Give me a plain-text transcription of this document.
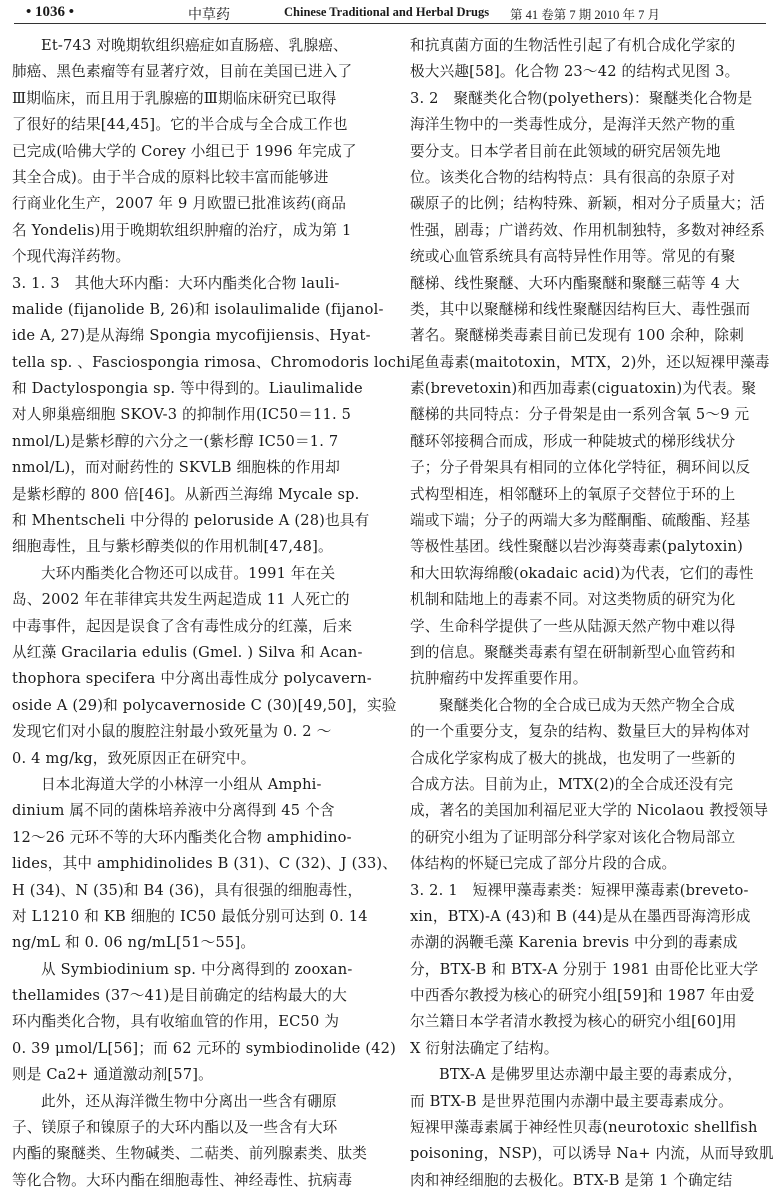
• 1036 •	中草药	Chinese Traditional and Herbal Drugs 第 41 卷第 7 期 2010 年 7 月
Et-743 对晚期软组织癌症如直肠癌、乳腺癌、
肺癌、黑色素瘤等有显著疗效，目前在美国已进入了
Ⅲ期临床，而且用于乳腺癌的Ⅲ期临床研究已取得
了很好的结果[44,45]。它的半合成与全合成工作也
已完成(哈佛大学的 Corey 小组已于 1996 年完成了
其全合成)。由于半合成的原料比较丰富而能够进
行商业化生产，2007 年 9 月欧盟已批准该药(商品
名 Yondelis)用于晚期软组织肿瘤的治疗，成为第 1
个现代海洋药物。
3. 1. 3　其他大环内酯：大环内酯类化合物 lauli-
malide (fijanolide B, 26)和 isolaulimalide (fijanol-
ide A, 27)是从海绵 Spongia mycofijiensis、Hyat-
tella sp. 、Fasciospongia rimosa、Chromodoris lochi
和 Dactylospongia sp. 等中得到的。Liaulimalide
对人卵巢癌细胞 SKOV-3 的抑制作用(IC50＝11. 5
nmol/L)是紫杉醇的六分之一(紫杉醇 IC50＝1. 7
nmol/L)，而对耐药性的 SKVLB 细胞株的作用却
是紫杉醇的 800 倍[46]。从新西兰海绵 Mycale sp.
和 Mhentscheli 中分得的 peloruside A (28)也具有
细胞毒性，且与紫杉醇类似的作用机制[47,48]。
大环内酯类化合物还可以成苷。1991 年在关
岛、2002 年在菲律宾共发生两起造成 11 人死亡的
中毒事件，起因是误食了含有毒性成分的红藻，后来
从红藻 Gracilaria edulis (Gmel. ) Silva 和 Acan-
thophora specifera 中分离出毒性成分 polycavern-
oside A (29)和 polycavernoside C (30)[49,50]，实验
发现它们对小鼠的腹腔注射最小致死量为 0. 2 ～
0. 4 mg/kg，致死原因正在研究中。
日本北海道大学的小林淳一小组从 Amphi-
dinium 属不同的菌株培养液中分离得到 45 个含
12～26 元环不等的大环内酯类化合物 amphidino-
lides，其中 amphidinolides B (31)、C (32)、J (33)、
H (34)、N (35)和 B4 (36)，具有很强的细胞毒性，
对 L1210 和 KB 细胞的 IC50 最低分别可达到 0. 14
ng/mL 和 0. 06 ng/mL[51～55]。
从 Symbiodinium sp. 中分离得到的 zooxan-
thellamides (37～41)是目前确定的结构最大的大
环内酯类化合物，具有收缩血管的作用，EC50 为
0. 39 μmol/L[56]；而 62 元环的 symbiodinolide (42)
则是 Ca2+ 通道激动剂[57]。
此外，还从海洋微生物中分离出一些含有硼原
子、镁原子和镍原子的大环内酯以及一些含有大环
内酯的聚醚类、生物碱类、二萜类、前列腺素类、肽类
等化合物。大环内酯在细胞毒性、神经毒性、抗病毒
和抗真菌方面的生物活性引起了有机合成化学家的
极大兴趣[58]。化合物 23～42 的结构式见图 3。
3. 2　聚醚类化合物(polyethers)：聚醚类化合物是
海洋生物中的一类毒性成分，是海洋天然产物的重
要分支。日本学者目前在此领域的研究居领先地
位。该类化合物的结构特点：具有很高的杂原子对
碳原子的比例；结构特殊、新颖，相对分子质量大；活
性强，剧毒；广谱药效、作用机制独特，多数对神经系
统或心血管系统具有高特异性作用等。常见的有聚
醚梯、线性聚醚、大环内酯聚醚和聚醚三萜等 4 大
类，其中以聚醚梯和线性聚醚因结构巨大、毒性强而
著名。聚醚梯类毒素目前已发现有 100 余种，除刺
尾鱼毒素(maitotoxin，MTX，2)外，还以短裸甲藻毒
素(brevetoxin)和西加毒素(ciguatoxin)为代表。聚
醚梯的共同特点：分子骨架是由一系列含氧 5～9 元
醚环邻接稠合而成，形成一种陡坡式的梯形线状分
子；分子骨架具有相同的立体化学特征，稠环间以反
式构型相连，相邻醚环上的氧原子交替位于环的上
端或下端；分子的两端大多为醛酮酯、硫酸酯、羟基
等极性基团。线性聚醚以岩沙海葵毒素(palytoxin)
和大田软海绵酸(okadaic acid)为代表，它们的毒性
机制和陆地上的毒素不同。对这类物质的研究为化
学、生命科学提供了一些从陆源天然产物中难以得
到的信息。聚醚类毒素有望在研制新型心血管药和
抗肿瘤药中发挥重要作用。
聚醚类化合物的全合成已成为天然产物全合成
的一个重要分支，复杂的结构、数量巨大的异构体对
合成化学家构成了极大的挑战，也发明了一些新的
合成方法。目前为止，MTX(2)的全合成还没有完
成，著名的美国加利福尼亚大学的 Nicolaou 教授领导
的研究小组为了证明部分科学家对该化合物局部立
体结构的怀疑已完成了部分片段的合成。
3. 2. 1　短裸甲藻毒素类：短裸甲藻毒素(breveto-
xin，BTX)-A (43)和 B (44)是从在墨西哥海湾形成
赤潮的涡鞭毛藻 Karenia brevis 中分到的毒素成
分，BTX-B 和 BTX-A 分别于 1981 由哥伦比亚大学
中西香尔教授为核心的研究小组[59]和 1987 年由爱
尔兰籍日本学者清水教授为核心的研究小组[60]用
X 衍射法确定了结构。
BTX-A 是佛罗里达赤潮中最主要的毒素成分，
而 BTX-B 是世界范围内赤潮中最主要毒素成分。
短裸甲藻毒素属于神经性贝毒(neurotoxic shellfish
poisoning，NSP)，可以诱导 Na+ 内流，从而导致肌
肉和神经细胞的去极化。BTX-B 是第 1 个确定结
